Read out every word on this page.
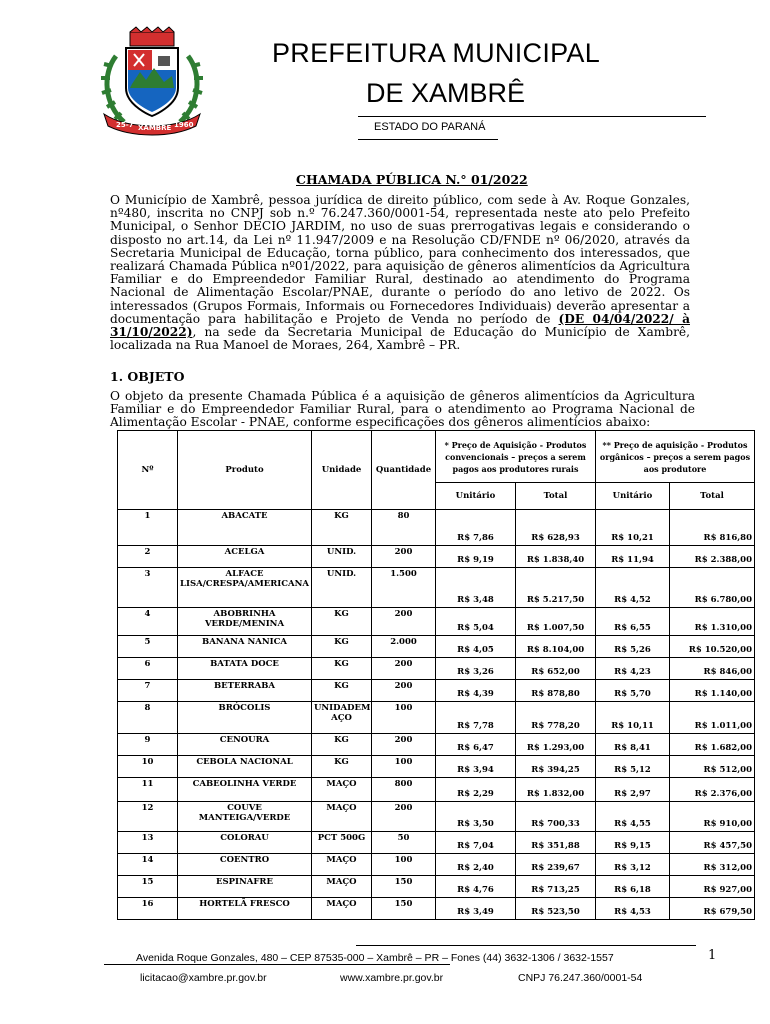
25-7 XAMBRÊ 1960
PREFEITURA MUNICIPAL
DE XAMBRÊ
ESTADO DO PARANÁ
CHAMADA PÚBLICA N.° 01/2022
O Município de Xambrê, pessoa jurídica de direito público, com sede à Av. Roque Gonzales, nº480, inscrita no CNPJ sob n.º 76.247.360/0001-54, representada neste ato pelo Prefeito Municipal, o Senhor DECIO JARDIM, no uso de suas prerrogativas legais e considerando o disposto no art.14, da Lei nº 11.947/2009 e na Resolução CD/FNDE nº 06/2020, através da Secretaria Municipal de Educação, torna público, para conhecimento dos interessados, que realizará Chamada Pública nº01/2022, para aquisição de gêneros alimentícios da Agricultura Familiar e do Empreendedor Familiar Rural, destinado ao atendimento do Programa Nacional de Alimentação Escolar/PNAE, durante o período do ano letivo de 2022. Os interessados (Grupos Formais, Informais ou Fornecedores Individuais) deverão apresentar a documentação para habilitação e Projeto de Venda no período de (DE 04/04/2022/ à 31/10/2022), na sede da Secretaria Municipal de Educação do Município de Xambrê, localizada na Rua Manoel de Moraes, 264, Xambrê – PR.
1. OBJETO
O objeto da presente Chamada Pública é a aquisição de gêneros alimentícios da Agricultura Familiar e do Empreendedor Familiar Rural, para o atendimento ao Programa Nacional de Alimentação Escolar - PNAE, conforme especificações dos gêneros alimentícios abaixo:
Nº	Produto	Unidade	Quantidade	* Preço de Aquisição - Produtos convencionais – preços a serem pagos aos produtores rurais		** Preço de aquisição - Produtos orgânicos – preços a serem pagos aos produtore	
				Unitário	Total	Unitário	Total
1	ABACATE	KG	80	R$ 7,86	R$ 628,93	R$ 10,21	R$ 816,80
2	ACELGA	UNID.	200	R$ 9,19	R$ 1.838,40	R$ 11,94	R$ 2.388,00
3	ALFACE LISA/CRESPA/AMERICANA	UNID.	1.500	R$ 3,48	R$ 5.217,50	R$ 4,52	R$ 6.780,00
4	ABOBRINHA VERDE/MENINA	KG	200	R$ 5,04	R$ 1.007,50	R$ 6,55	R$ 1.310,00
5	BANANA NANICA	KG	2.000	R$ 4,05	R$ 8.104,00	R$ 5,26	R$ 10.520,00
6	BATATA DOCE	KG	200	R$ 3,26	R$ 652,00	R$ 4,23	R$ 846,00
7	BETERRABA	KG	200	R$ 4,39	R$ 878,80	R$ 5,70	R$ 1.140,00
8	BRÓCOLIS	UNIDADEM AÇO	100	R$ 7,78	R$ 778,20	R$ 10,11	R$ 1.011,00
9	CENOURA	KG	200	R$ 6,47	R$ 1.293,00	R$ 8,41	R$ 1.682,00
10	CEBOLA NACIONAL	KG	100	R$ 3,94	R$ 394,25	R$ 5,12	R$ 512,00
11	CABEOLINHA VERDE	MAÇO	800	R$ 2,29	R$ 1.832,00	R$ 2,97	R$ 2.376,00
12	COUVE MANTEIGA/VERDE	MAÇO	200	R$ 3,50	R$ 700,33	R$ 4,55	R$ 910,00
13	COLORAU	PCT 500G	50	R$ 7,04	R$ 351,88	R$ 9,15	R$ 457,50
14	COENTRO	MAÇO	100	R$ 2,40	R$ 239,67	R$ 3,12	R$ 312,00
15	ESPINAFRE	MAÇO	150	R$ 4,76	R$ 713,25	R$ 6,18	R$ 927,00
16	HORTELÃ FRESCO	MAÇO	150	R$ 3,49	R$ 523,50	R$ 4,53	R$ 679,50
Avenida Roque Gonzales, 480 – CEP 87535-000 – Xambrê – PR – Fones (44) 3632-1306 / 3632-1557	1
licitacao@xambre.pr.gov.br	www.xambre.pr.gov.br	CNPJ 76.247.360/0001-54
